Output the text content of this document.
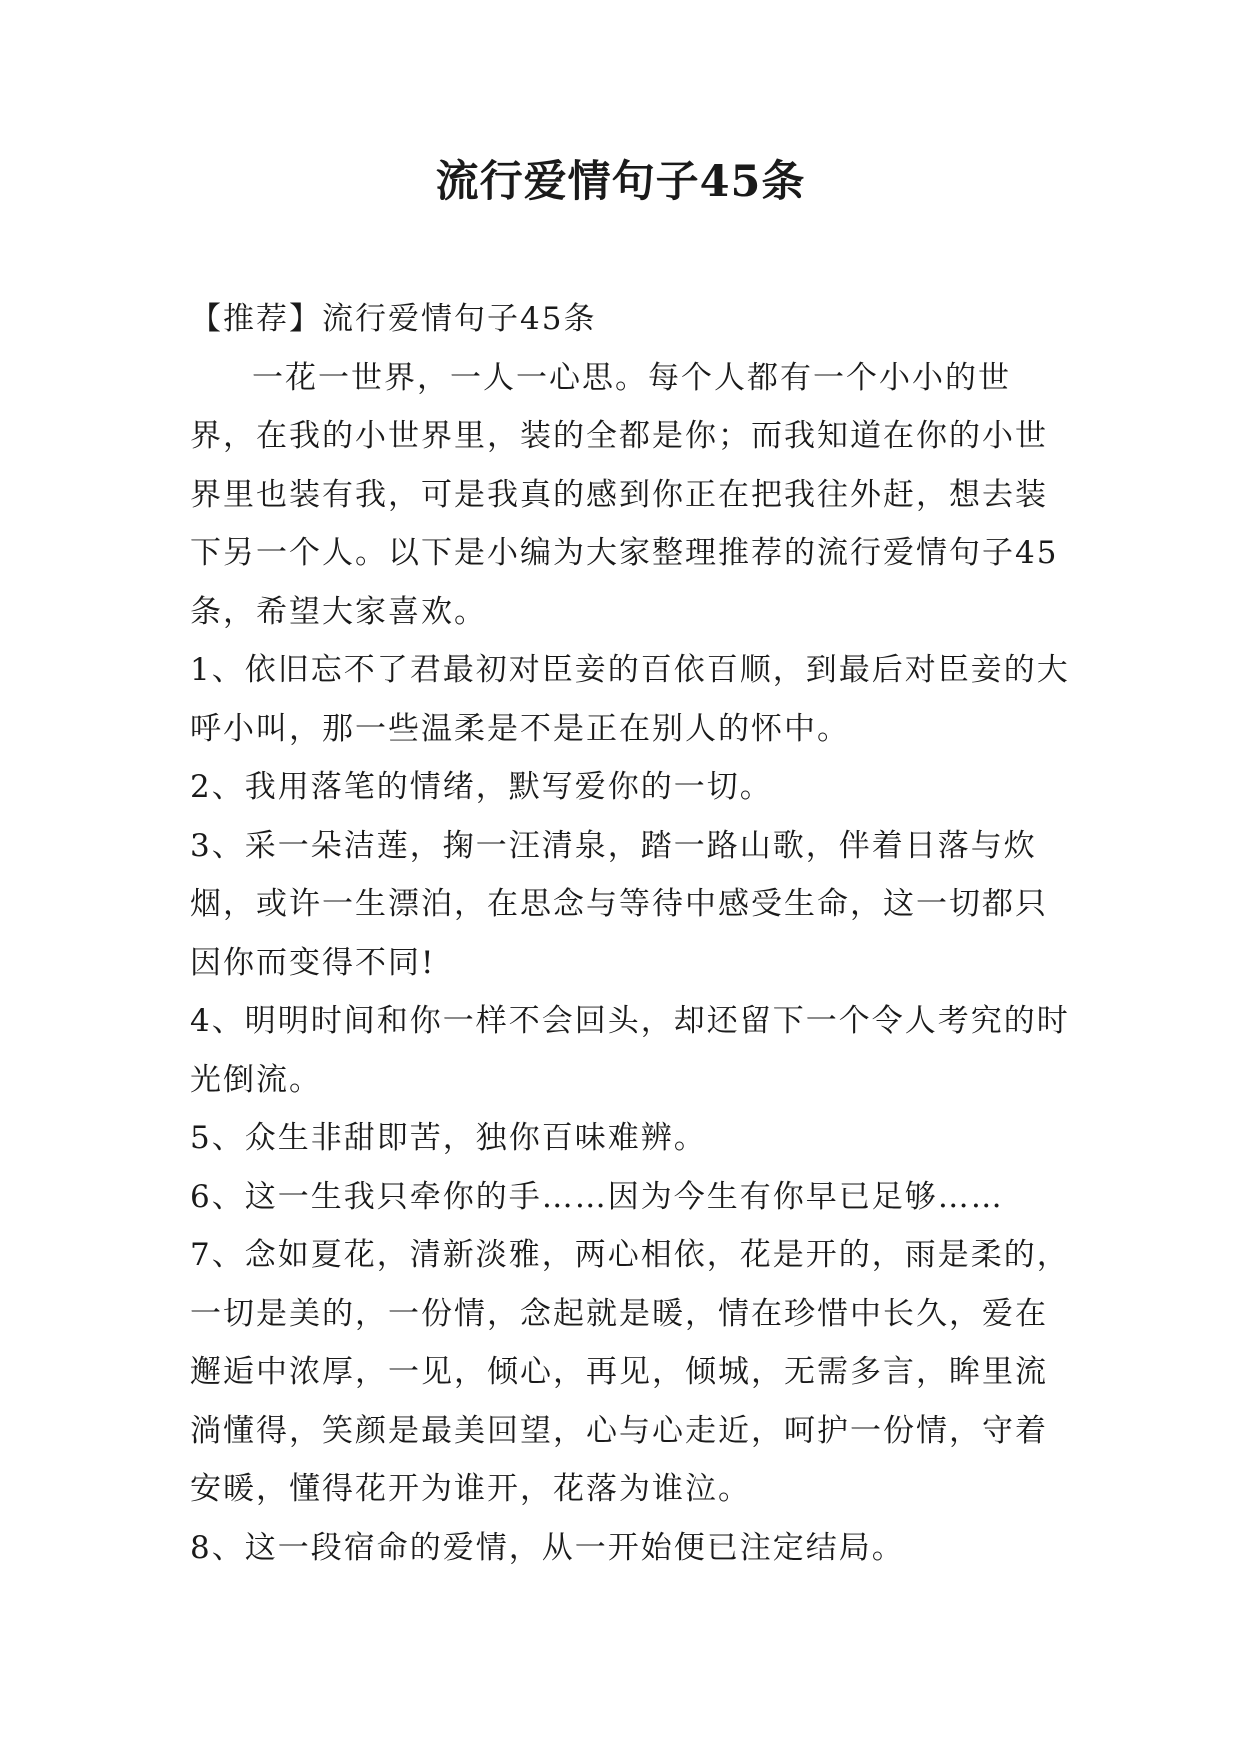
流行爱情句子45条

【推荐】流行爱情句子45条

一花一世界，一人一心思。每个人都有一个小小的世界，在我的小世界里，装的全都是你；而我知道在你的小世界里也装有我，可是我真的感到你正在把我往外赶，想去装下另一个人。以下是小编为大家整理推荐的流行爱情句子45条，希望大家喜欢。

1、依旧忘不了君最初对臣妾的百依百顺，到最后对臣妾的大呼小叫，那一些温柔是不是正在别人的怀中。

2、我用落笔的情绪，默写爱你的一切。

3、采一朵洁莲，掬一汪清泉，踏一路山歌，伴着日落与炊烟，或许一生漂泊，在思念与等待中感受生命，这一切都只因你而变得不同!

4、明明时间和你一样不会回头，却还留下一个令人考究的时光倒流。

5、众生非甜即苦，独你百味难辨。

6、这一生我只牵你的手……因为今生有你早已足够……

7、念如夏花，清新淡雅，两心相依，花是开的，雨是柔的，一切是美的，一份情，念起就是暖，情在珍惜中长久，爱在邂逅中浓厚，一见，倾心，再见，倾城，无需多言，眸里流淌懂得，笑颜是最美回望，心与心走近，呵护一份情，守着安暖，懂得花开为谁开，花落为谁泣。

8、这一段宿命的爱情，从一开始便已注定结局。
